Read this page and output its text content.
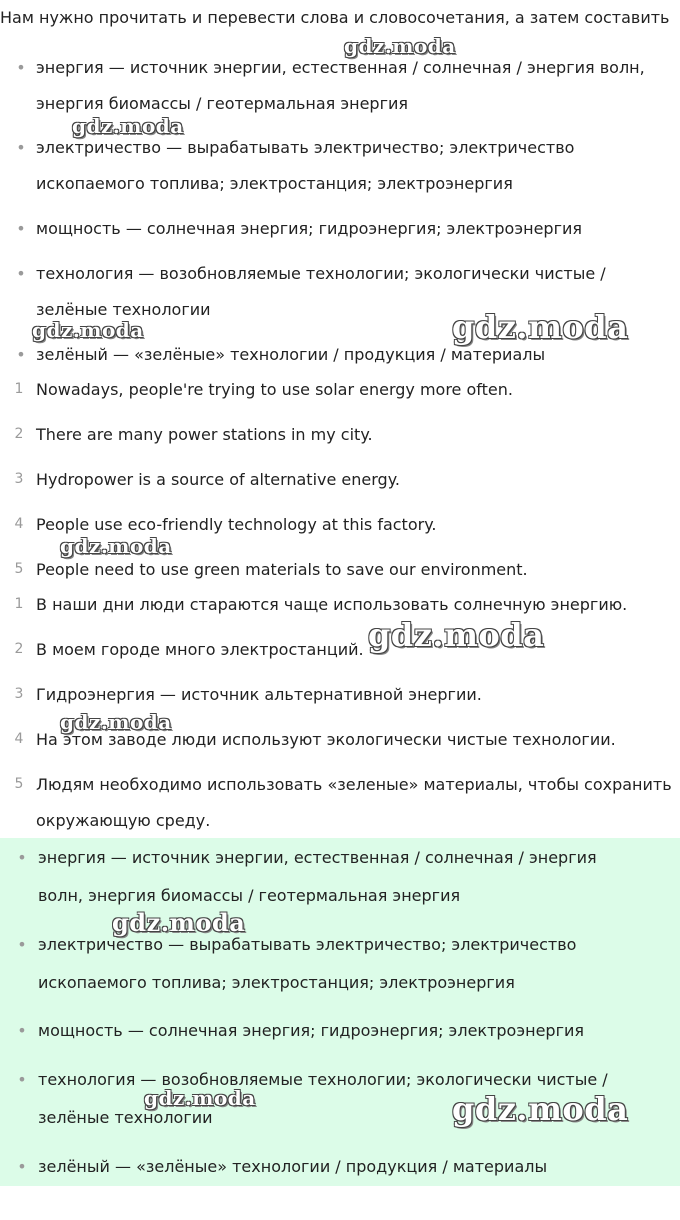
Нам нужно прочитать и перевести слова и словосочетания, а затем составить
• энергия — источник энергии, естественная / солнечная / энергия волн,
энергия биомассы / геотермальная энергия
• электричество — вырабатывать электричество; электричество
ископаемого топлива; электростанция; электроэнергия
• мощность — солнечная энергия; гидроэнергия; электроэнергия
• технология — возобновляемые технологии; экологически чистые /
зелёные технологии
• зелёный — «зелёные» технологии / продукция / материалы
1 Nowadays, people're trying to use solar energy more often.
2 There are many power stations in my city.
3 Hydropower is a source of alternative energy.
4 People use eco-friendly technology at this factory.
5 People need to use green materials to save our environment.
1 В наши дни люди стараются чаще использовать солнечную энергию.
2 В моем городе много электростанций.
3 Гидроэнергия — источник альтернативной энергии.
4 На этом заводе люди используют экологически чистые технологии.
5 Людям необходимо использовать «зеленые» материалы, чтобы сохранить
окружающую среду.
• энергия — источник энергии, естественная / солнечная / энергия
волн, энергия биомассы / геотермальная энергия
• электричество — вырабатывать электричество; электричество
ископаемого топлива; электростанция; электроэнергия
• мощность — солнечная энергия; гидроэнергия; электроэнергия
• технология — возобновляемые технологии; экологически чистые /
зелёные технологии
• зелёный — «зелёные» технологии / продукция / материалы
gdz.moda
gdz.moda
gdz.moda	gdz.moda
gdz.moda
gdz.moda
gdz.moda
gdz.moda
gdz.moda	gdz.moda
